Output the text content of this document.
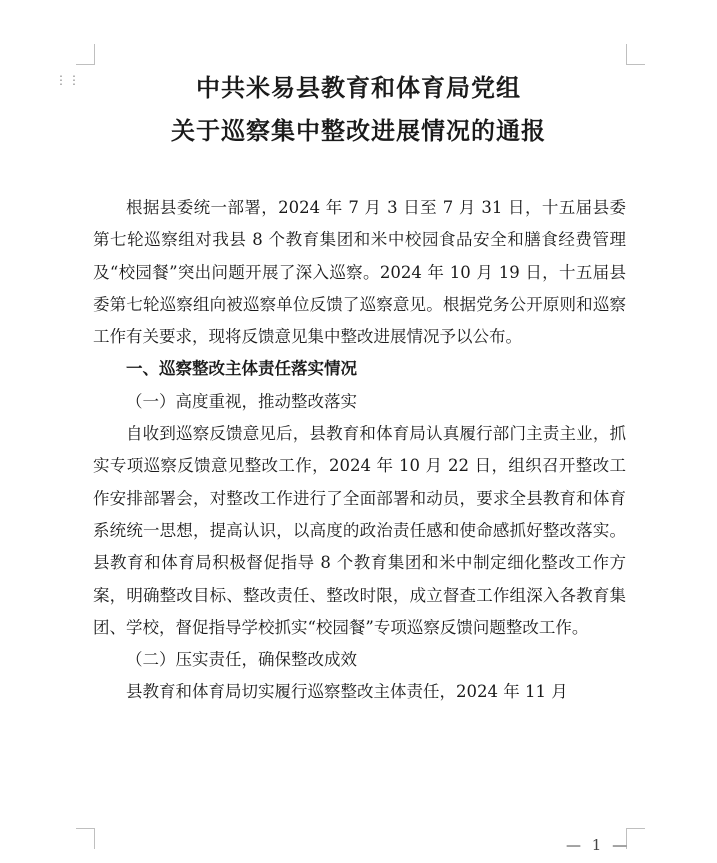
⋮⋮	中共米易县教育和体育局党组
关于巡察集中整改进展情况的通报

根据县委统一部署，2024 年 7 月 3 日至 7 月 31 日，十五届县委第七轮巡察组对我县 8 个教育集团和米中校园食品安全和膳食经费管理及“校园餐”突出问题开展了深入巡察。2024 年 10 月 19 日，十五届县委第七轮巡察组向被巡察单位反馈了巡察意见。根据党务公开原则和巡察工作有关要求，现将反馈意见集中整改进展情况予以公布。

一、巡察整改主体责任落实情况

（一）高度重视，推动整改落实

自收到巡察反馈意见后，县教育和体育局认真履行部门主责主业，抓实专项巡察反馈意见整改工作，2024 年 10 月 22 日，组织召开整改工作安排部署会，对整改工作进行了全面部署和动员，要求全县教育和体育系统统一思想，提高认识，以高度的政治责任感和使命感抓好整改落实。县教育和体育局积极督促指导 8 个教育集团和米中制定细化整改工作方案，明确整改目标、整改责任、整改时限，成立督查工作组深入各教育集团、学校，督促指导学校抓实“校园餐”专项巡察反馈问题整改工作。

（二）压实责任，确保整改成效

县教育和体育局切实履行巡察整改主体责任，2024 年 11 月

— 1 —
